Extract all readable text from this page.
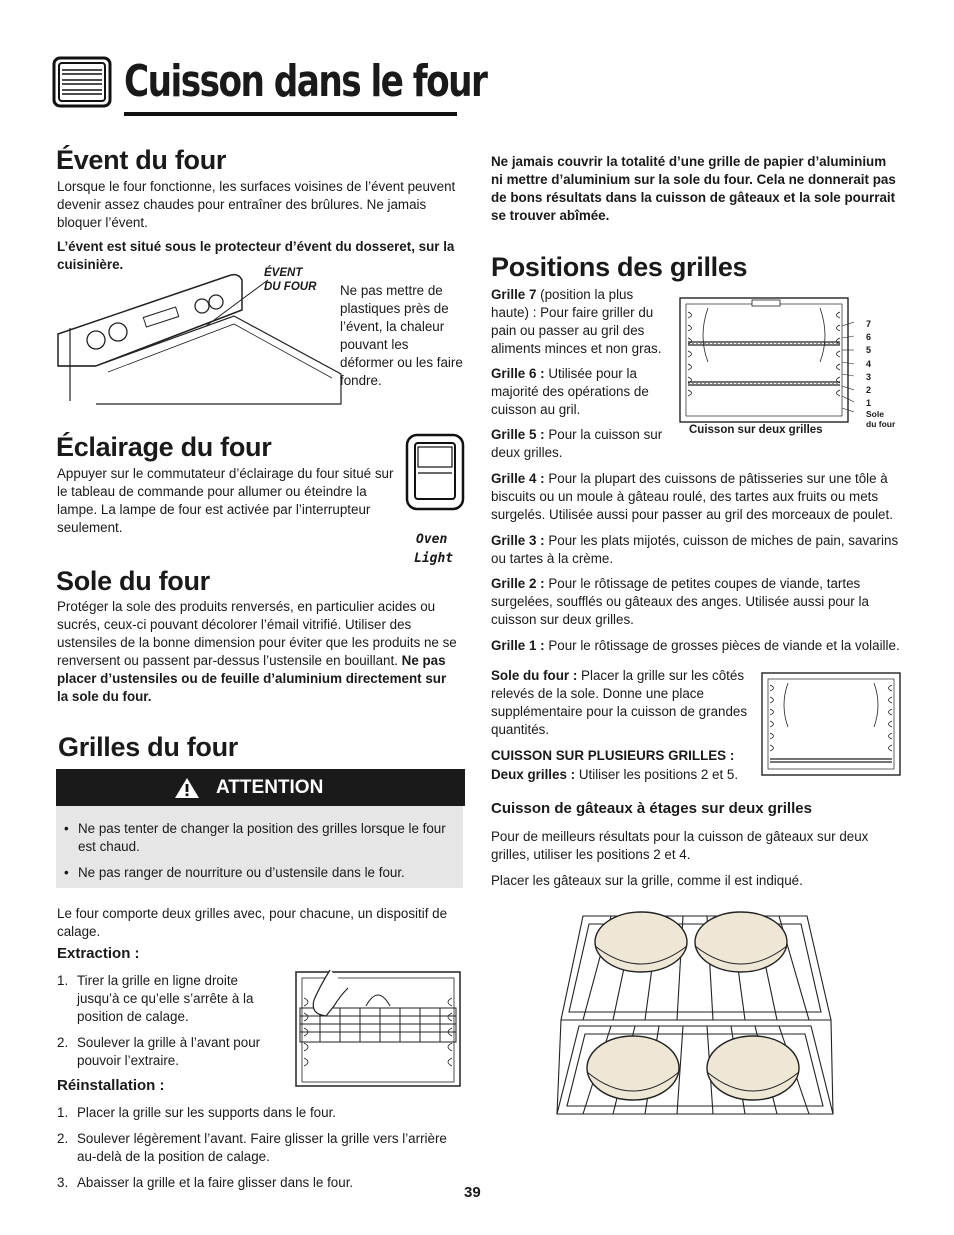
Cuisson dans le four
Évent du four

Lorsque le four fonctionne, les surfaces voisines de l’évent peuvent devenir assez chaudes pour entraîner des brûlures. Ne jamais bloquer l’évent.

L’évent est situé sous le protecteur d’évent du dosseret, sur la cuisinière.

ÉVENT
DU FOUR Ne pas mettre de plastiques près de l’évent, la chaleur pouvant les déformer ou les faire fondre.

Éclairage du four

Appuyer sur le commutateur d’éclairage du four situé sur le tableau de commande pour allumer ou éteindre la lampe. La lampe de four est activée par l’interrupteur seulement.

Oven
Light
Sole du four

Protéger la sole des produits renversés, en particulier acides ou sucrés, ceux-ci pouvant décolorer l’émail vitrifié. Utiliser des ustensiles de la bonne dimension pour éviter que les produits ne se renversent ou passent par-dessus l’ustensile en bouillant. Ne pas placer d’ustensiles ou de feuille d’aluminium directement sur la sole du four.

Grilles du four
ATTENTION
• Ne pas tenter de changer la position des grilles lorsque le four est chaud.
• Ne pas ranger de nourriture ou d’ustensile dans le four.

Le four comporte deux grilles avec, pour chacune, un dispositif de calage.

Extraction :
1. Tirer la grille en ligne droite jusqu’à ce qu’elle s’arrête à la position de calage.
2. Soulever la grille à l’avant pour pouvoir l’extraire.
Réinstallation :
1. Placer la grille sur les supports dans le four.
2. Soulever légèrement l’avant. Faire glisser la grille vers l’arrière au-delà de la position de calage.
3. Abaisser la grille et la faire glisser dans le four.
39

Ne jamais couvrir la totalité d’une grille de papier d’aluminium ni mettre d’aluminium sur la sole du four. Cela ne donnerait pas de bons résultats dans la cuisson de gâteaux et la sole pourrait se trouver abîmée.

Positions des grilles

Grille 7 (position la plus haute) : Pour faire griller du pain ou passer au gril des aliments minces et non gras.

Grille 6 : Utilisée pour la majorité des opérations de cuisson au gril.

Grille 5 : Pour la cuisson sur deux grilles.

7
6
5
4
3
2
1
Sole
du four
Cuisson sur deux grilles

Grille 4 : Pour la plupart des cuissons de pâtisseries sur une tôle à biscuits ou un moule à gâteau roulé, des tartes aux fruits ou mets surgelés. Utilisée aussi pour passer au gril des morceaux de poulet.

Grille 3 : Pour les plats mijotés, cuisson de miches de pain, savarins ou tartes à la crème.

Grille 2 : Pour le rôtissage de petites coupes de viande, tartes surgelées, soufflés ou gâteaux des anges. Utilisée aussi pour la cuisson sur deux grilles.

Grille 1 : Pour le rôtissage de grosses pièces de viande et la volaille.

Sole du four : Placer la grille sur les côtés relevés de la sole. Donne une place supplémentaire pour la cuisson de grandes quantités.

CUISSON SUR PLUSIEURS GRILLES :

Deux grilles : Utiliser les positions 2 et 5.

Cuisson de gâteaux à étages sur deux grilles

Pour de meilleurs résultats pour la cuisson de gâteaux sur deux grilles, utiliser les positions 2 et 4.

Placer les gâteaux sur la grille, comme il est indiqué.
